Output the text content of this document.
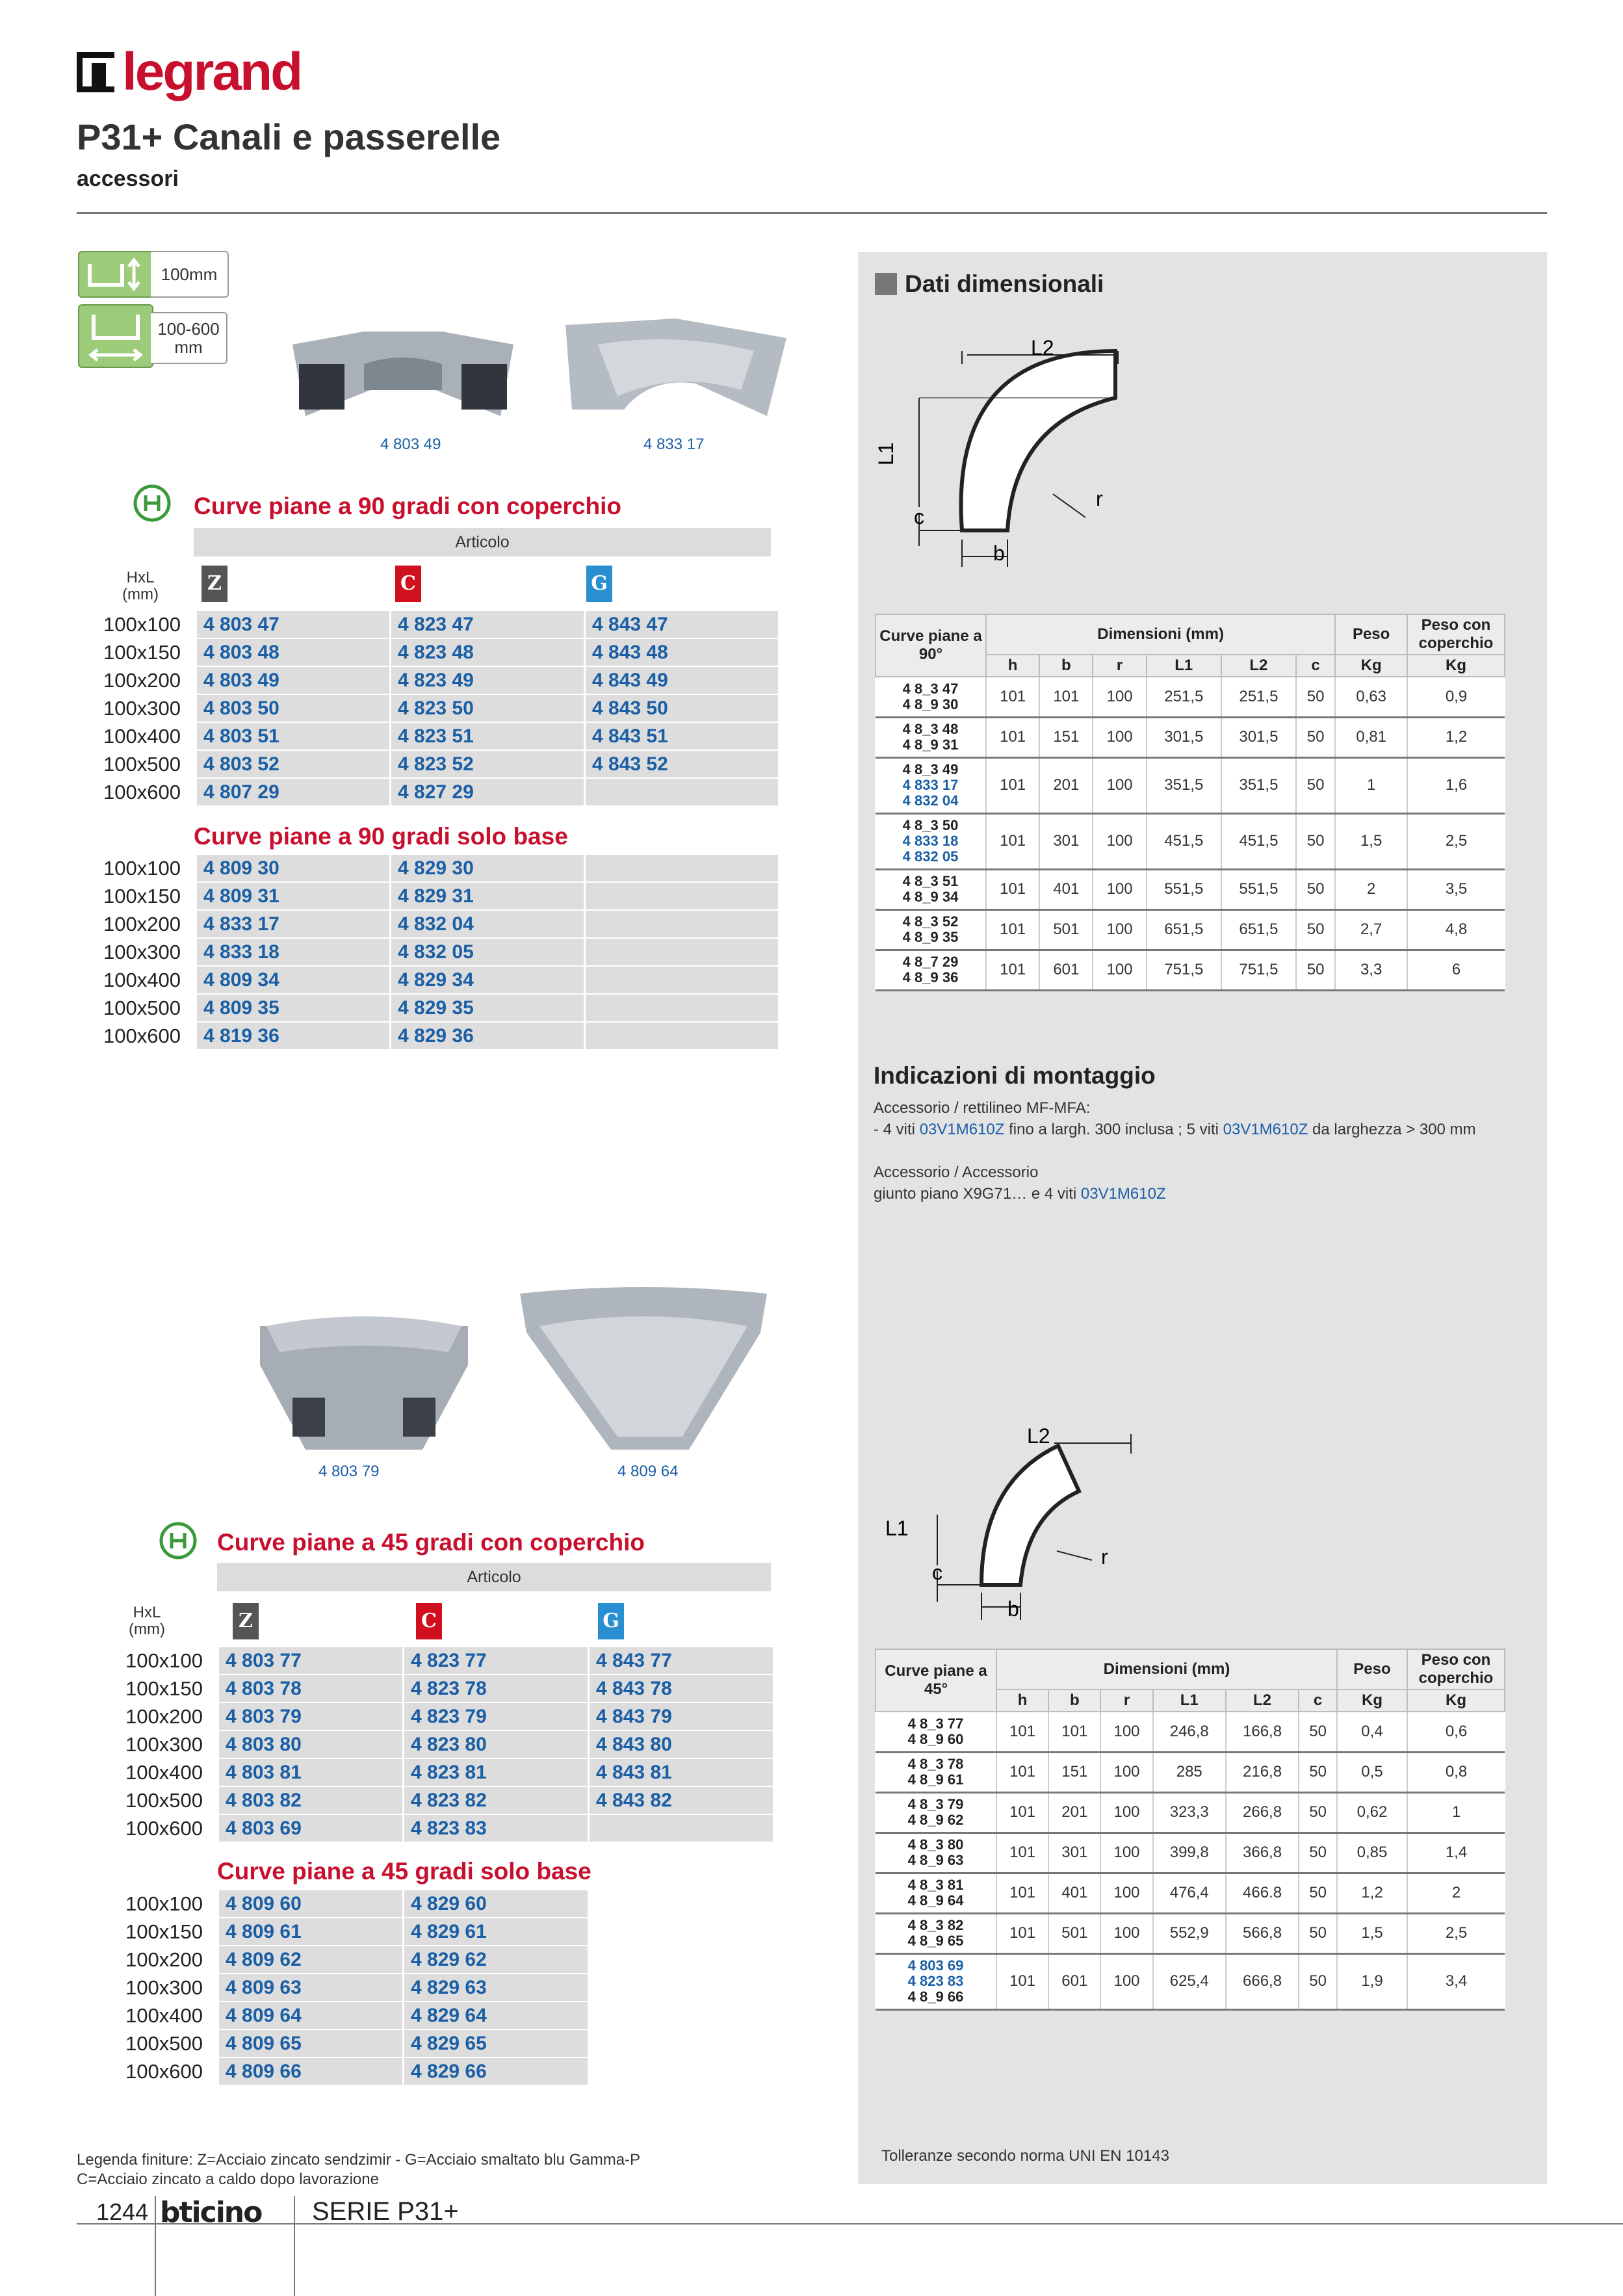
legrand
P31+ Canali e passerelle
accessori
100mm
100-600
mm
4 803 49	4 833 17
Curve piane a 90 gradi con coperchio
Articolo
HxL
(mm)	Z	C	G
100x100	4 803 47	4 823 47	4 843 47
100x150	4 803 48	4 823 48	4 843 48
100x200	4 803 49	4 823 49	4 843 49
100x300	4 803 50	4 823 50	4 843 50
100x400	4 803 51	4 823 51	4 843 51
100x500	4 803 52	4 823 52	4 843 52
100x600	4 807 29	4 827 29	
Curve piane a 90 gradi solo base
100x100	4 809 30	4 829 30	
100x150	4 809 31	4 829 31	
100x200	4 833 17	4 832 04	
100x300	4 833 18	4 832 05	
100x400	4 809 34	4 829 34	
100x500	4 809 35	4 829 35	
100x600	4 819 36	4 829 36	
4 803 79	4 809 64
Curve piane a 45 gradi con coperchio
Articolo
HxL
(mm)	Z	C	G
100x100	4 803 77	4 823 77	4 843 77
100x150	4 803 78	4 823 78	4 843 78
100x200	4 803 79	4 823 79	4 843 79
100x300	4 803 80	4 823 80	4 843 80
100x400	4 803 81	4 823 81	4 843 81
100x500	4 803 82	4 823 82	4 843 82
100x600	4 803 69	4 823 83	
Curve piane a 45 gradi solo base
100x100	4 809 60	4 829 60
100x150	4 809 61	4 829 61
100x200	4 809 62	4 829 62
100x300	4 809 63	4 829 63
100x400	4 809 64	4 829 64
100x500	4 809 65	4 829 65
100x600	4 809 66	4 829 66
Dati dimensionali
L2
L1
c
b
r
Curve piane a 90°	Dimensioni (mm)						Peso	Peso con coperchio
	h	b	r	L1	L2	c	Kg	Kg

4 8_3 47
4 8_9 30	101	101	100	251,5	251,5	50	0,63	0,9

4 8_3 48
4 8_9 31	101	151	100	301,5	301,5	50	0,81	1,2

4 8_3 49
4 833 17
4 832 04	101	201	100	351,5	351,5	50	1	1,6

4 8_3 50
4 833 18
4 832 05	101	301	100	451,5	451,5	50	1,5	2,5

4 8_3 51
4 8_9 34	101	401	100	551,5	551,5	50	2	3,5

4 8_3 52
4 8_9 35	101	501	100	651,5	651,5	50	2,7	4,8

4 8_7 29
4 8_9 36	101	601	100	751,5	751,5	50	3,3	6
Indicazioni di montaggio
Accessorio / rettilineo MF-MFA:
- 4 viti 03V1M610Z fino a largh. 300 inclusa ; 5 viti 03V1M610Z da larghezza > 300 mm
Accessorio / Accessorio
giunto piano X9G71… e 4 viti 03V1M610Z
L2
L1
c
b
r
Curve piane a 45°	Dimensioni (mm)						Peso	Peso con coperchio
	h	b	r	L1	L2	c	Kg	Kg

4 8_3 77
4 8_9 60	101	101	100	246,8	166,8	50	0,4	0,6

4 8_3 78
4 8_9 61	101	151	100	285	216,8	50	0,5	0,8

4 8_3 79
4 8_9 62	101	201	100	323,3	266,8	50	0,62	1

4 8_3 80
4 8_9 63	101	301	100	399,8	366,8	50	0,85	1,4

4 8_3 81
4 8_9 64	101	401	100	476,4	466.8	50	1,2	2

4 8_3 82
4 8_9 65	101	501	100	552,9	566,8	50	1,5	2,5

4 803 69
4 823 83
4 8_9 66	101	601	100	625,4	666,8	50	1,9	3,4
Legenda finiture: Z=Acciaio zincato sendzimir - G=Acciaio smaltato blu Gamma-P
C=Acciaio zincato a caldo dopo lavorazione
Tolleranze secondo norma UNI EN 10143
1244 bticino SERIE P31+
